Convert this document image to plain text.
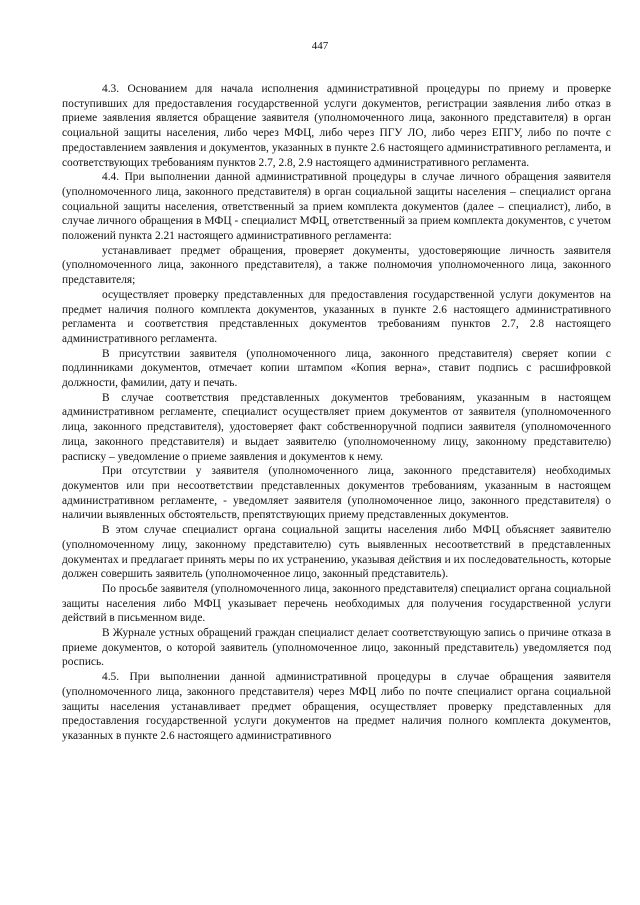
447

4.3. Основанием для начала исполнения административной процедуры по приему и проверке поступивших для предоставления государственной услуги документов, регистрации заявления либо отказ в приеме заявления является обращение заявителя (уполномоченного лица, законного представителя) в орган социальной защиты населения, либо через МФЦ, либо через ПГУ ЛО, либо через ЕПГУ, либо по почте с предоставлением заявления и документов, указанных в пункте 2.6 настоящего административного регламента, и соответствующих требованиям пунктов 2.7, 2.8, 2.9 настоящего административного регламента.

4.4. При выполнении данной административной процедуры в случае личного обращения заявителя (уполномоченного лица, законного представителя) в орган социальной защиты населения – специалист органа социальной защиты населения, ответственный за прием комплекта документов (далее – специалист), либо, в случае личного обращения в МФЦ - специалист МФЦ, ответственный за прием комплекта документов, с учетом положений пункта 2.21 настоящего административного регламента:

устанавливает предмет обращения, проверяет документы, удостоверяющие личность заявителя (уполномоченного лица, законного представителя), а также полномочия уполномоченного лица, законного представителя;

осуществляет проверку представленных для предоставления государственной услуги документов на предмет наличия полного комплекта документов, указанных в пункте 2.6 настоящего административного регламента и соответствия представленных документов требованиям пунктов 2.7, 2.8 настоящего административного регламента.

В присутствии заявителя (уполномоченного лица, законного представителя) сверяет копии с подлинниками документов, отмечает копии штампом «Копия верна», ставит подпись с расшифровкой должности, фамилии, дату и печать.

В случае соответствия представленных документов требованиям, указанным в настоящем административном регламенте, специалист осуществляет прием документов от заявителя (уполномоченного лица, законного представителя), удостоверяет факт собственноручной подписи заявителя (уполномоченного лица, законного представителя) и выдает заявителю (уполномоченному лицу, законному представителю) расписку – уведомление о приеме заявления и документов к нему.

При отсутствии у заявителя (уполномоченного лица, законного представителя) необходимых документов или при несоответствии представленных документов требованиям, указанным в настоящем административном регламенте, - уведомляет заявителя (уполномоченное лицо, законного представителя) о наличии выявленных обстоятельств, препятствующих приему представленных документов.

В этом случае специалист органа социальной защиты населения либо МФЦ объясняет заявителю (уполномоченному лицу, законному представителю) суть выявленных несоответствий в представленных документах и предлагает принять меры по их устранению, указывая действия и их последовательность, которые должен совершить заявитель (уполномоченное лицо, законный представитель).

По просьбе заявителя (уполномоченного лица, законного представителя) специалист органа социальной защиты населения либо МФЦ указывает перечень необходимых для получения государственной услуги действий в письменном виде.

В Журнале устных обращений граждан специалист делает соответствующую запись о причине отказа в приеме документов, о которой заявитель (уполномоченное лицо, законный представитель) уведомляется под роспись.

4.5. При выполнении данной административной процедуры в случае обращения заявителя (уполномоченного лица, законного представителя) через МФЦ либо по почте специалист органа социальной защиты населения устанавливает предмет обращения, осуществляет проверку представленных для предоставления государственной услуги документов на предмет наличия полного комплекта документов, указанных в пункте 2.6 настоящего административного
